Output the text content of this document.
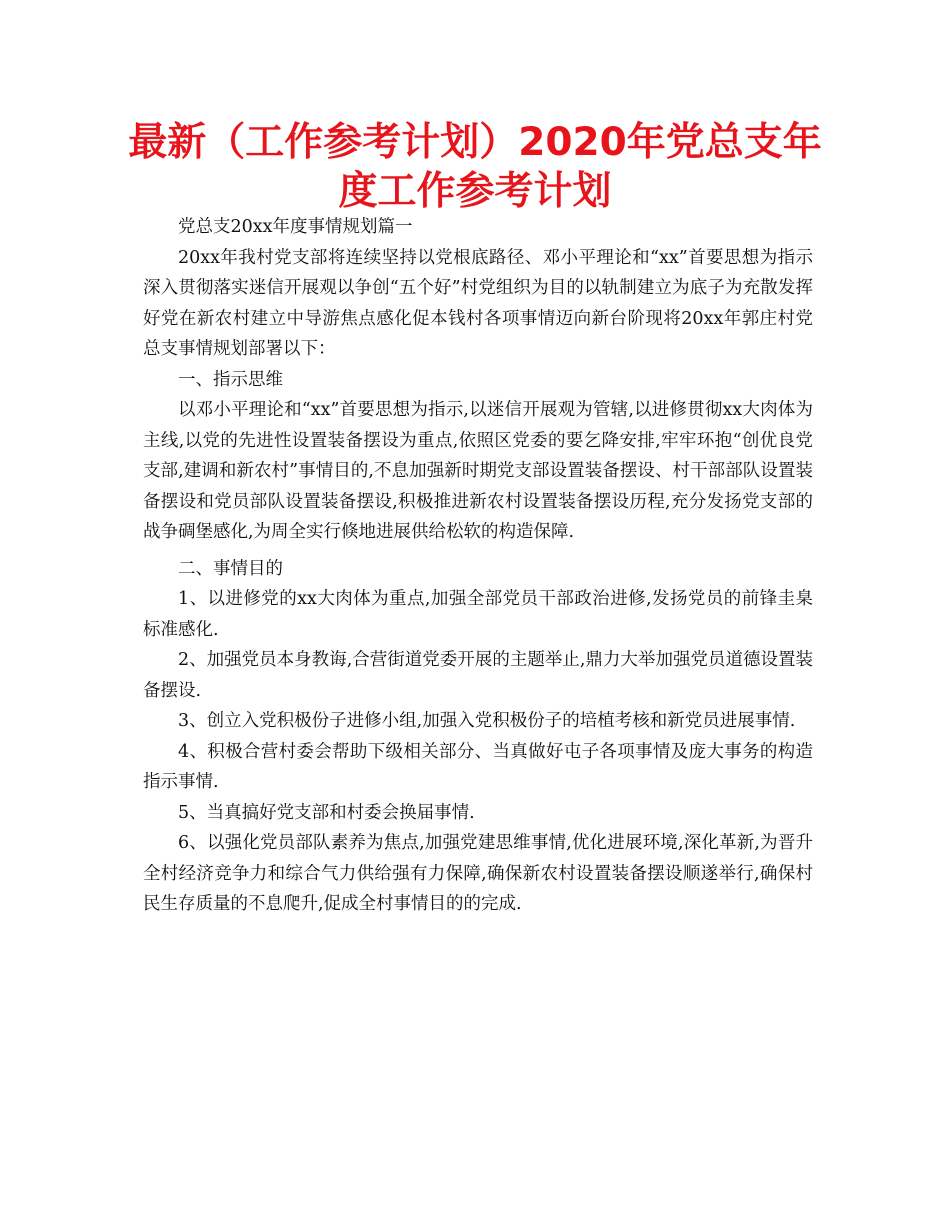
最新（工作参考计划）2020年党总支年度工作参考计划

党总支20xx年度事情规划篇一

20xx年我村党支部将连续坚持以党根底路径、邓小平理论和“xx”首要思想为指示深入贯彻落实迷信开展观以争创“五个好”村党组织为目的以轨制建立为底子为充散发挥好党在新农村建立中导游焦点感化促本钱村各项事情迈向新台阶现将20xx年郭庄村党总支事情规划部署以下：

一、指示思维

以邓小平理论和“xx”首要思想为指示,以迷信开展观为管辖,以进修贯彻xx大肉体为主线,以党的先进性设置装备摆设为重点,依照区党委的要乞降安排,牢牢环抱“创优良党支部,建调和新农村”事情目的,不息加强新时期党支部设置装备摆设、村干部部队设置装备摆设和党员部队设置装备摆设,积极推进新农村设置装备摆设历程,充分发扬党支部的战争碉堡感化,为周全实行倏地进展供给松软的构造保障.

二、事情目的

1、以进修党的xx大肉体为重点,加强全部党员干部政治进修,发扬党员的前锋圭臬标准感化.

2、加强党员本身教诲,合营街道党委开展的主题举止,鼎力大举加强党员道德设置装备摆设.

3、创立入党积极份子进修小组,加强入党积极份子的培植考核和新党员进展事情.

4、积极合营村委会帮助下级相关部分、当真做好屯子各项事情及庞大事务的构造指示事情.

5、当真搞好党支部和村委会换届事情.

6、以强化党员部队素养为焦点,加强党建思维事情,优化进展环境,深化革新,为晋升全村经济竞争力和综合气力供给强有力保障,确保新农村设置装备摆设顺遂举行,确保村民生存质量的不息爬升,促成全村事情目的的完成.
